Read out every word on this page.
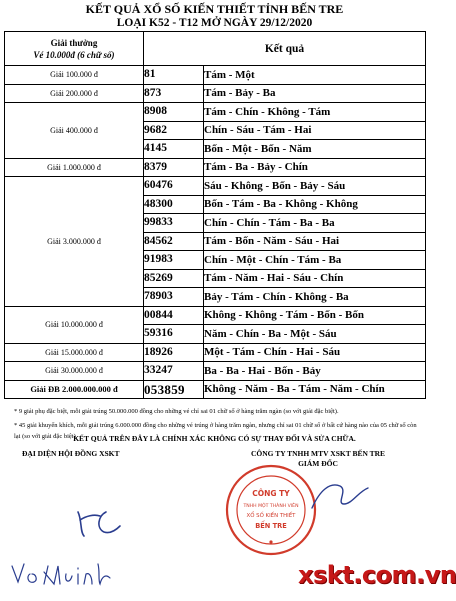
KẾT QUẢ XỔ SỐ KIẾN THIẾT TỈNH BẾN TRE
LOẠI K52 - T12 MỞ NGÀY 29/12/2020
Giải thưởng
Vé 10.000đ (6 chữ số)	Kết quả	
Giải 100.000 đ	81	Tám - Một
Giải 200.000 đ	873	Tám - Bảy - Ba
Giải 400.000 đ	8908	Tám - Chín - Không - Tám
	9682	Chín - Sáu - Tám - Hai
	4145	Bốn - Một - Bốn - Năm
Giải 1.000.000 đ	8379	Tám - Ba - Bảy - Chín
Giải 3.000.000 đ	60476	Sáu - Không - Bốn - Bảy - Sáu
	48300	Bốn - Tám - Ba - Không - Không
	99833	Chín - Chín - Tám - Ba - Ba
	84562	Tám - Bốn - Năm - Sáu - Hai
	91983	Chín - Một - Chín - Tám - Ba
	85269	Tám - Năm - Hai - Sáu - Chín
	78903	Bảy - Tám - Chín - Không - Ba
Giải 10.000.000 đ	00844	Không - Không - Tám - Bốn - Bốn
	59316	Năm - Chín - Ba - Một - Sáu
Giải 15.000.000 đ	18926	Một - Tám - Chín - Hai - Sáu
Giải 30.000.000 đ	33247	Ba - Ba - Hai - Bốn - Bảy
Giải ĐB 2.000.000.000 đ	053859	Không - Năm - Ba - Tám - Năm - Chín

* 9 giải phụ đặc biệt, mỗi giải trúng 50.000.000 đồng cho những vé chỉ sai 01 chữ số ở hàng trăm ngàn (so với giải đặc biệt).

* 45 giải khuyến khích, mỗi giải trúng 6.000.000 đồng cho những vé trúng ở hàng trăm ngàn, nhưng chỉ sai 01 chữ số ở bất cứ hàng nào của 05 chữ số còn lại (so với giải đặc biệt).

KẾT QUẢ TRÊN ĐÂY LÀ CHÍNH XÁC KHÔNG CÓ SỰ THAY ĐỔI VÀ SỬA CHỮA.
ĐẠI DIỆN HỘI ĐỒNG XSKT	CÔNG TY TNHH MTV XSKT BẾN TRE
GIÁM ĐỐC
CÔNG TY
TNHH MỘT THÀNH VIÊN
XỔ SỐ KIẾN THIẾT
BẾN TRE
xskt.com.vn
